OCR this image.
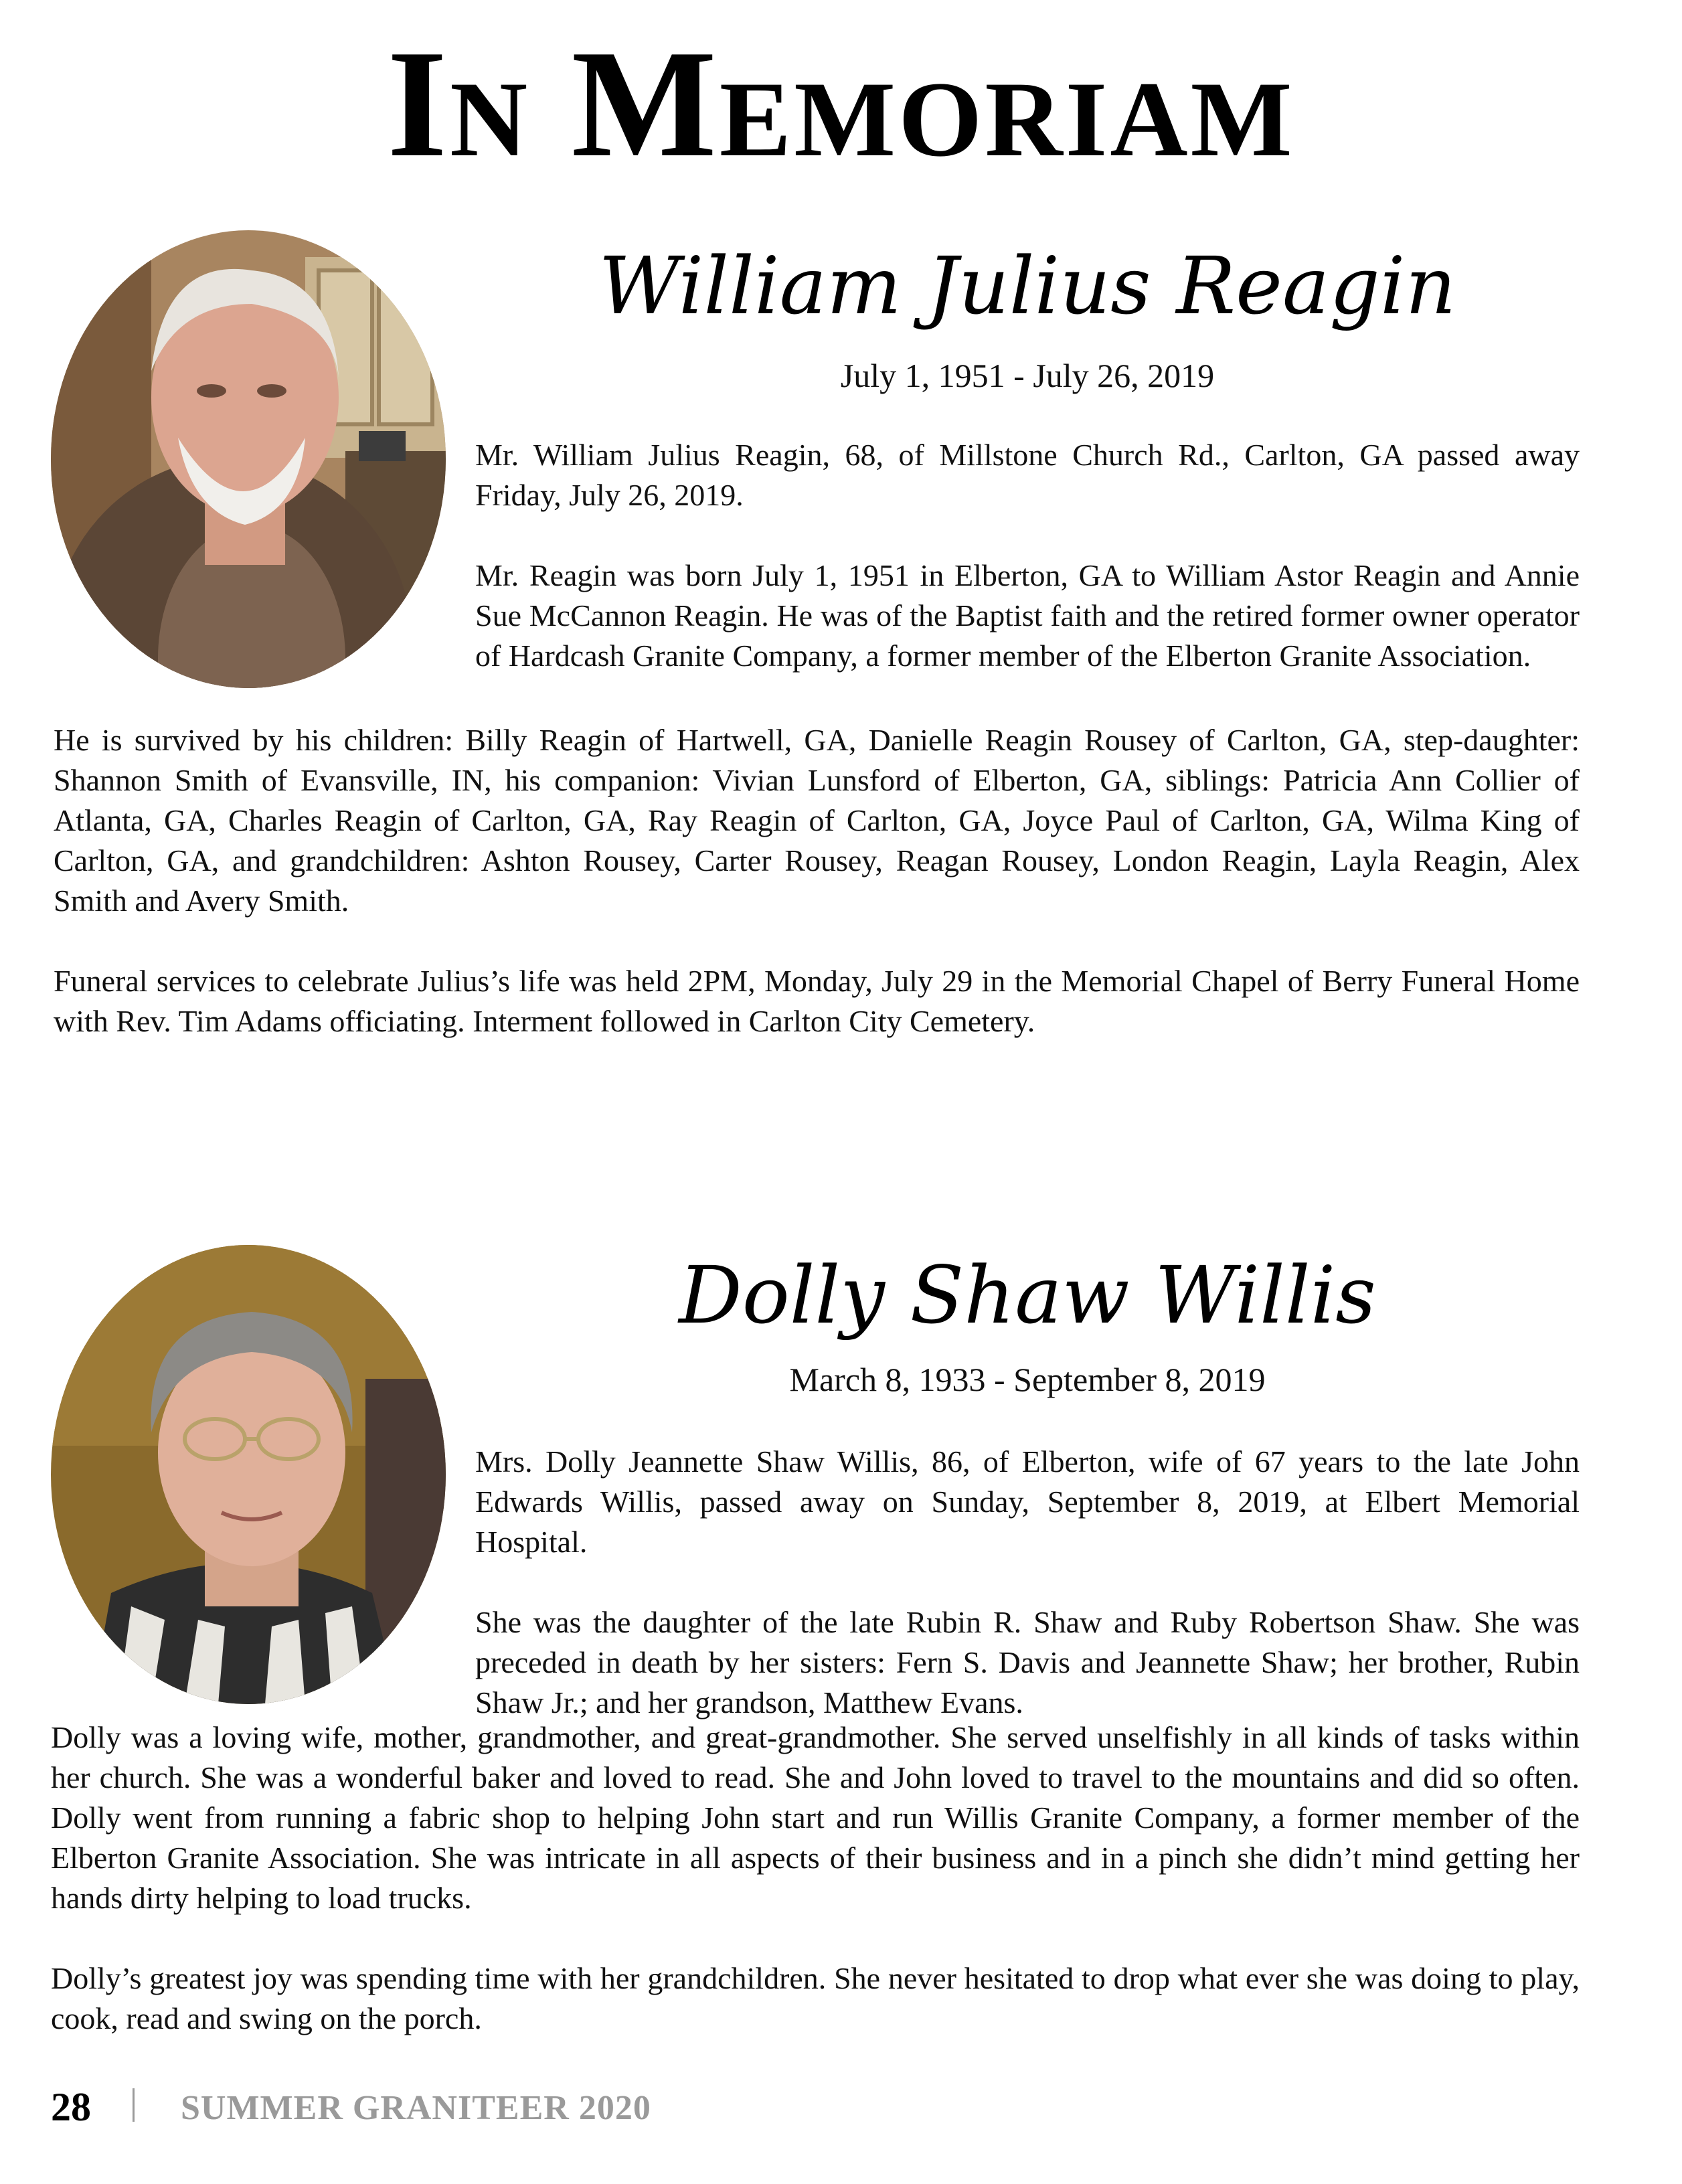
In Memoriam
William Julius Reagin
July 1, 1951 - July 26, 2019

Mr. William Julius Reagin, 68, of Millstone Church Rd., Carlton, GA passed away Friday, July 26, 2019.

Mr. Reagin was born July 1, 1951 in Elberton, GA to William Astor Reagin and Annie Sue McCannon Reagin. He was of the Baptist faith and the retired former owner operator of Hardcash Granite Company, a former member of the Elberton Granite Association.

He is survived by his children: Billy Reagin of Hartwell, GA, Danielle Reagin Rousey of Carlton, GA, step-daughter: Shannon Smith of Evansville, IN, his companion: Vivian Lunsford of Elberton, GA, siblings: Patricia Ann Collier of Atlanta, GA, Charles Reagin of Carlton, GA, Ray Reagin of Carlton, GA, Joyce Paul of Carlton, GA, Wilma King of Carlton, GA, and grandchildren: Ashton Rousey, Carter Rousey, Reagan Rousey, London Reagin, Layla Reagin, Alex Smith and Avery Smith.

Funeral services to celebrate Julius’s life was held 2PM, Monday, July 29 in the Memorial Chapel of Berry Funeral Home with Rev. Tim Adams officiating. Interment followed in Carlton City Cemetery.

Dolly Shaw Willis
March 8, 1933 - September 8, 2019

Mrs. Dolly Jeannette Shaw Willis, 86, of Elberton, wife of 67 years to the late John Edwards Willis, passed away on Sunday, September 8, 2019, at Elbert Memorial Hospital.

She was the daughter of the late Rubin R. Shaw and Ruby Robertson Shaw. She was preceded in death by her sisters: Fern S. Davis and Jeannette Shaw; her brother, Rubin Shaw Jr.; and her grandson, Matthew Evans.

Dolly was a loving wife, mother, grandmother, and great-grandmother. She served unselfishly in all kinds of tasks within her church. She was a wonderful baker and loved to read. She and John loved to travel to the mountains and did so often. Dolly went from running a fabric shop to helping John start and run Willis Granite Company, a former member of the Elberton Granite Association. She was intricate in all aspects of their business and in a pinch she didn’t mind getting her hands dirty helping to load trucks.

Dolly’s greatest joy was spending time with her grandchildren. She never hesitated to drop what ever she was doing to play, cook, read and swing on the porch.

28	SUMMER GRANITEER 2020
